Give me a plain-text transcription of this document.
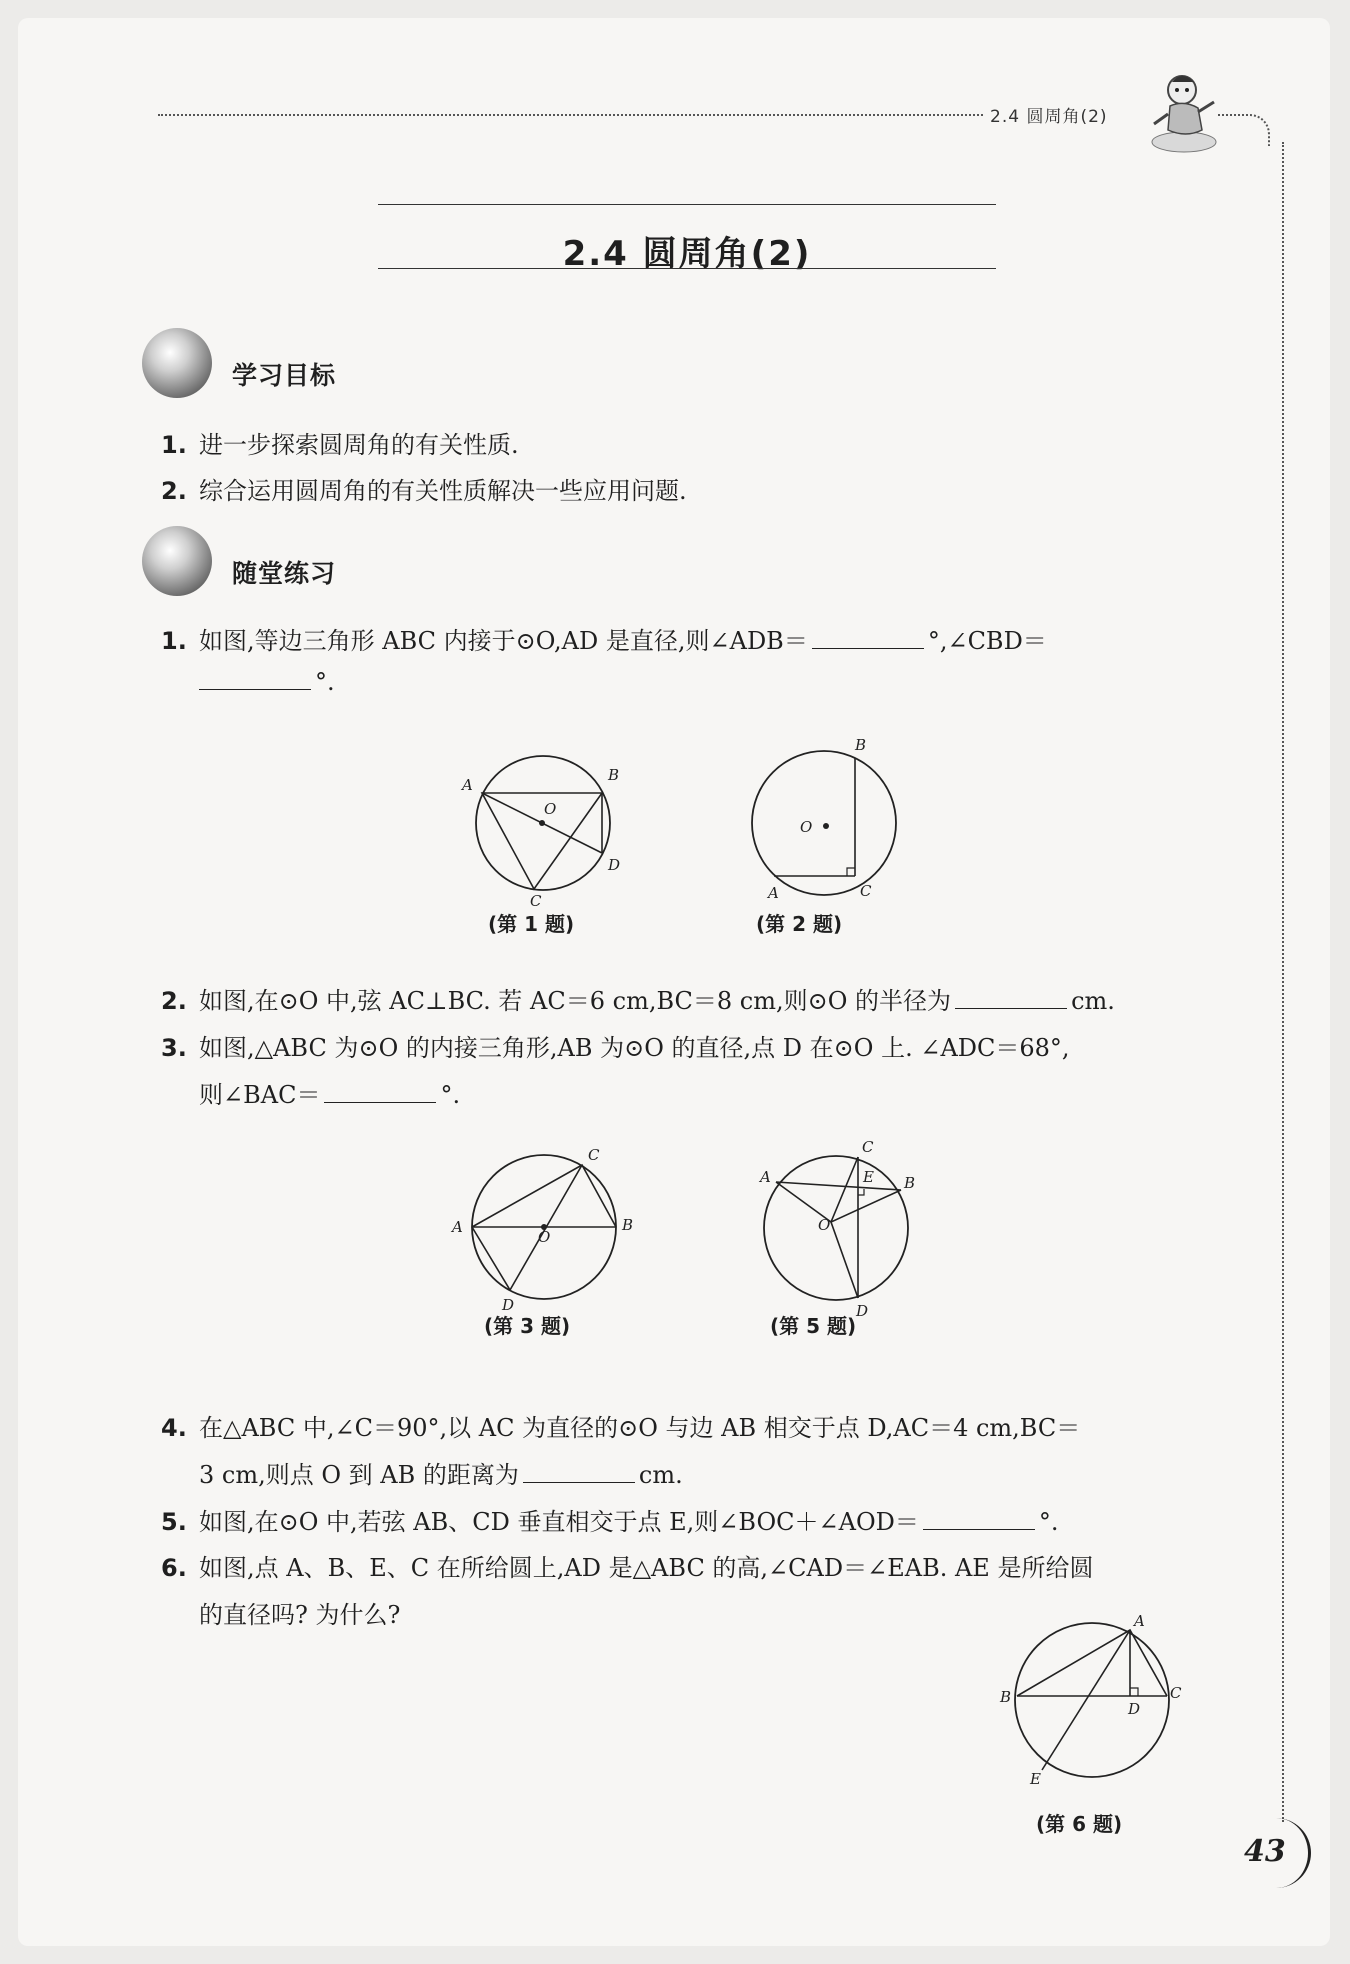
2.4 圆周角(2)
2.4 圆周角(2)
学习目标
1. 进一步探索圆周角的有关性质.
2. 综合运用圆周角的有关性质解决一些应用问题.
随堂练习
1. 如图,等边三角形 ABC 内接于⊙O,AD 是直径,则∠ADB＝	°,∠CBD＝
°.
A
B
O
D
C
(第 1 题)
B
O
A	C
(第 2 题)
2. 如图,在⊙O 中,弦 AC⊥BC. 若 AC＝6 cm,BC＝8 cm,则⊙O 的半径为	cm.
3. 如图,△ABC 为⊙O 的内接三角形,AB 为⊙O 的直径,点 D 在⊙O 上. ∠ADC＝68°,
则∠BAC＝	°.
C
A
O
B
D
(第 3 题)
C
E
A	B
O
D
(第 5 题)
4. 在△ABC 中,∠C＝90°,以 AC 为直径的⊙O 与边 AB 相交于点 D,AC＝4 cm,BC＝
3 cm,则点 O 到 AB 的距离为	cm.
5. 如图,在⊙O 中,若弦 AB、CD 垂直相交于点 E,则∠BOC＋∠AOD＝	°.
6. 如图,点 A、B、E、C 在所给圆上,AD 是△ABC 的高,∠CAD＝∠EAB. AE 是所给圆
的直径吗? 为什么?	A
B	C
D
E
(第 6 题)
43
